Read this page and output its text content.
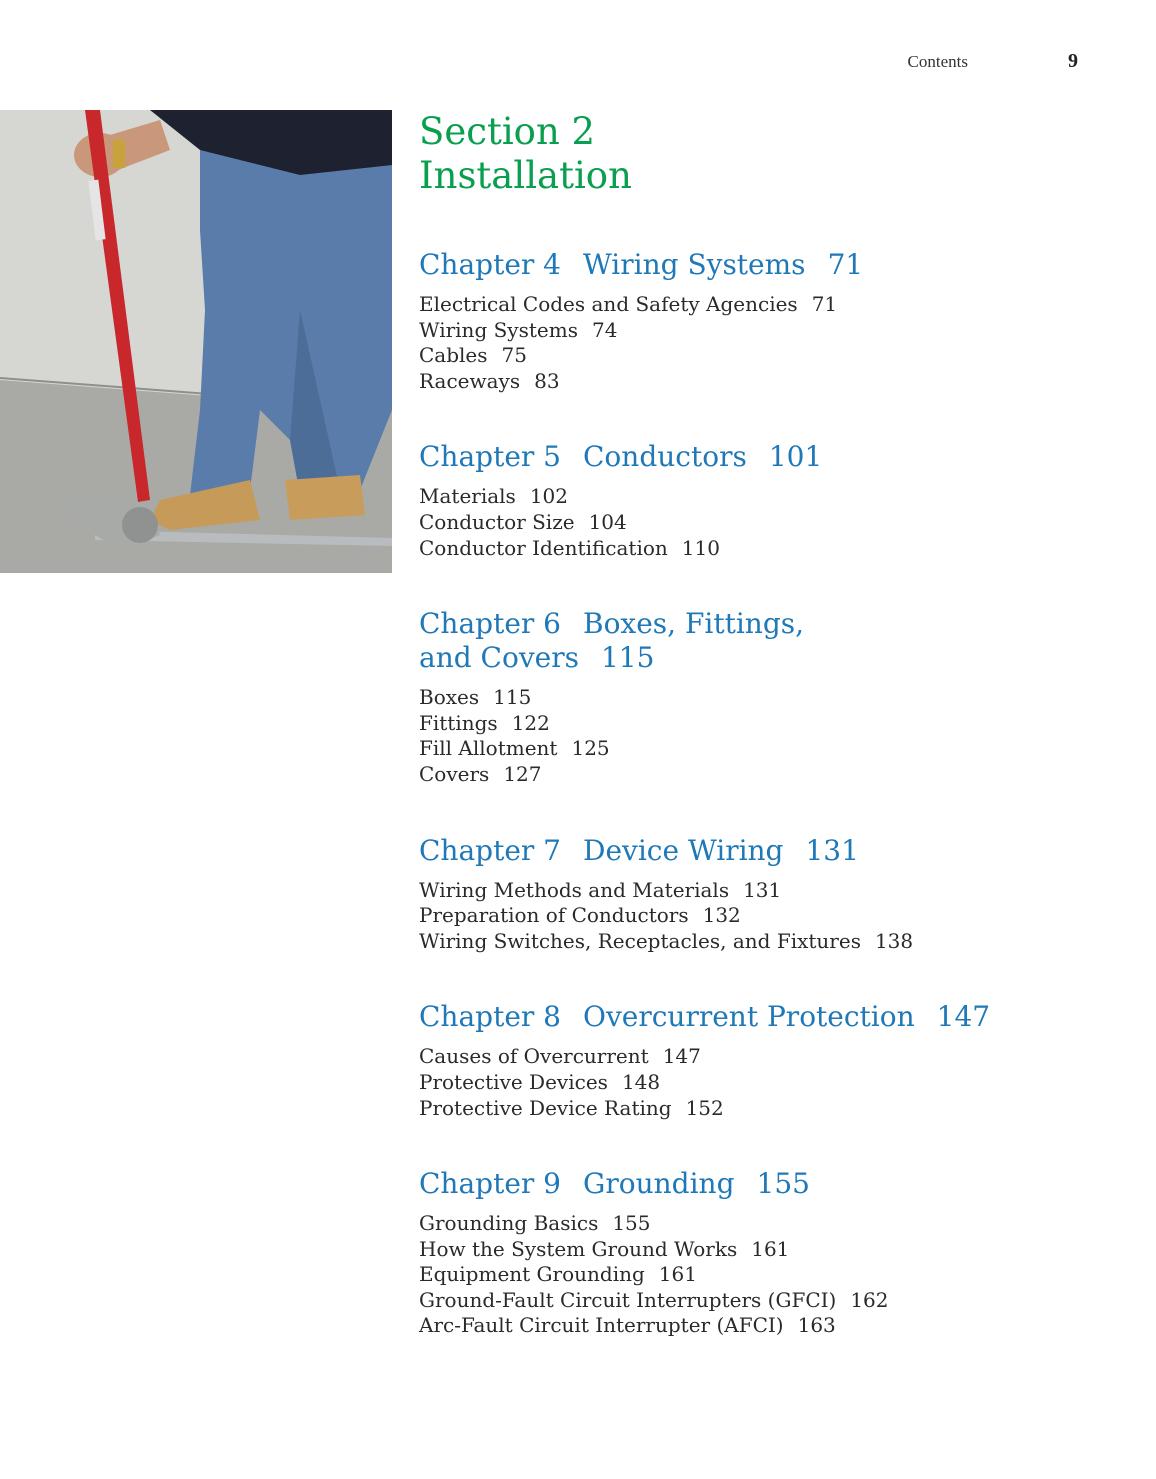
Contents	9
Section 2
Installation
Chapter 4 Wiring Systems 71
Electrical Codes and Safety Agencies 71
Wiring Systems 74
Cables 75
Raceways 83
Chapter 5 Conductors 101
Materials 102
Conductor Size 104
Conductor Identification 110
Chapter 6 Boxes, Fittings,
and Covers 115
Boxes 115
Fittings 122
Fill Allotment 125
Covers 127
Chapter 7 Device Wiring 131
Wiring Methods and Materials 131
Preparation of Conductors 132
Wiring Switches, Receptacles, and Fixtures 138
Chapter 8 Overcurrent Protection 147
Causes of Overcurrent 147
Protective Devices 148
Protective Device Rating 152
Chapter 9 Grounding 155
Grounding Basics 155
How the System Ground Works 161
Equipment Grounding 161
Ground-Fault Circuit Interrupters (GFCI) 162
Arc-Fault Circuit Interrupter (AFCI) 163
